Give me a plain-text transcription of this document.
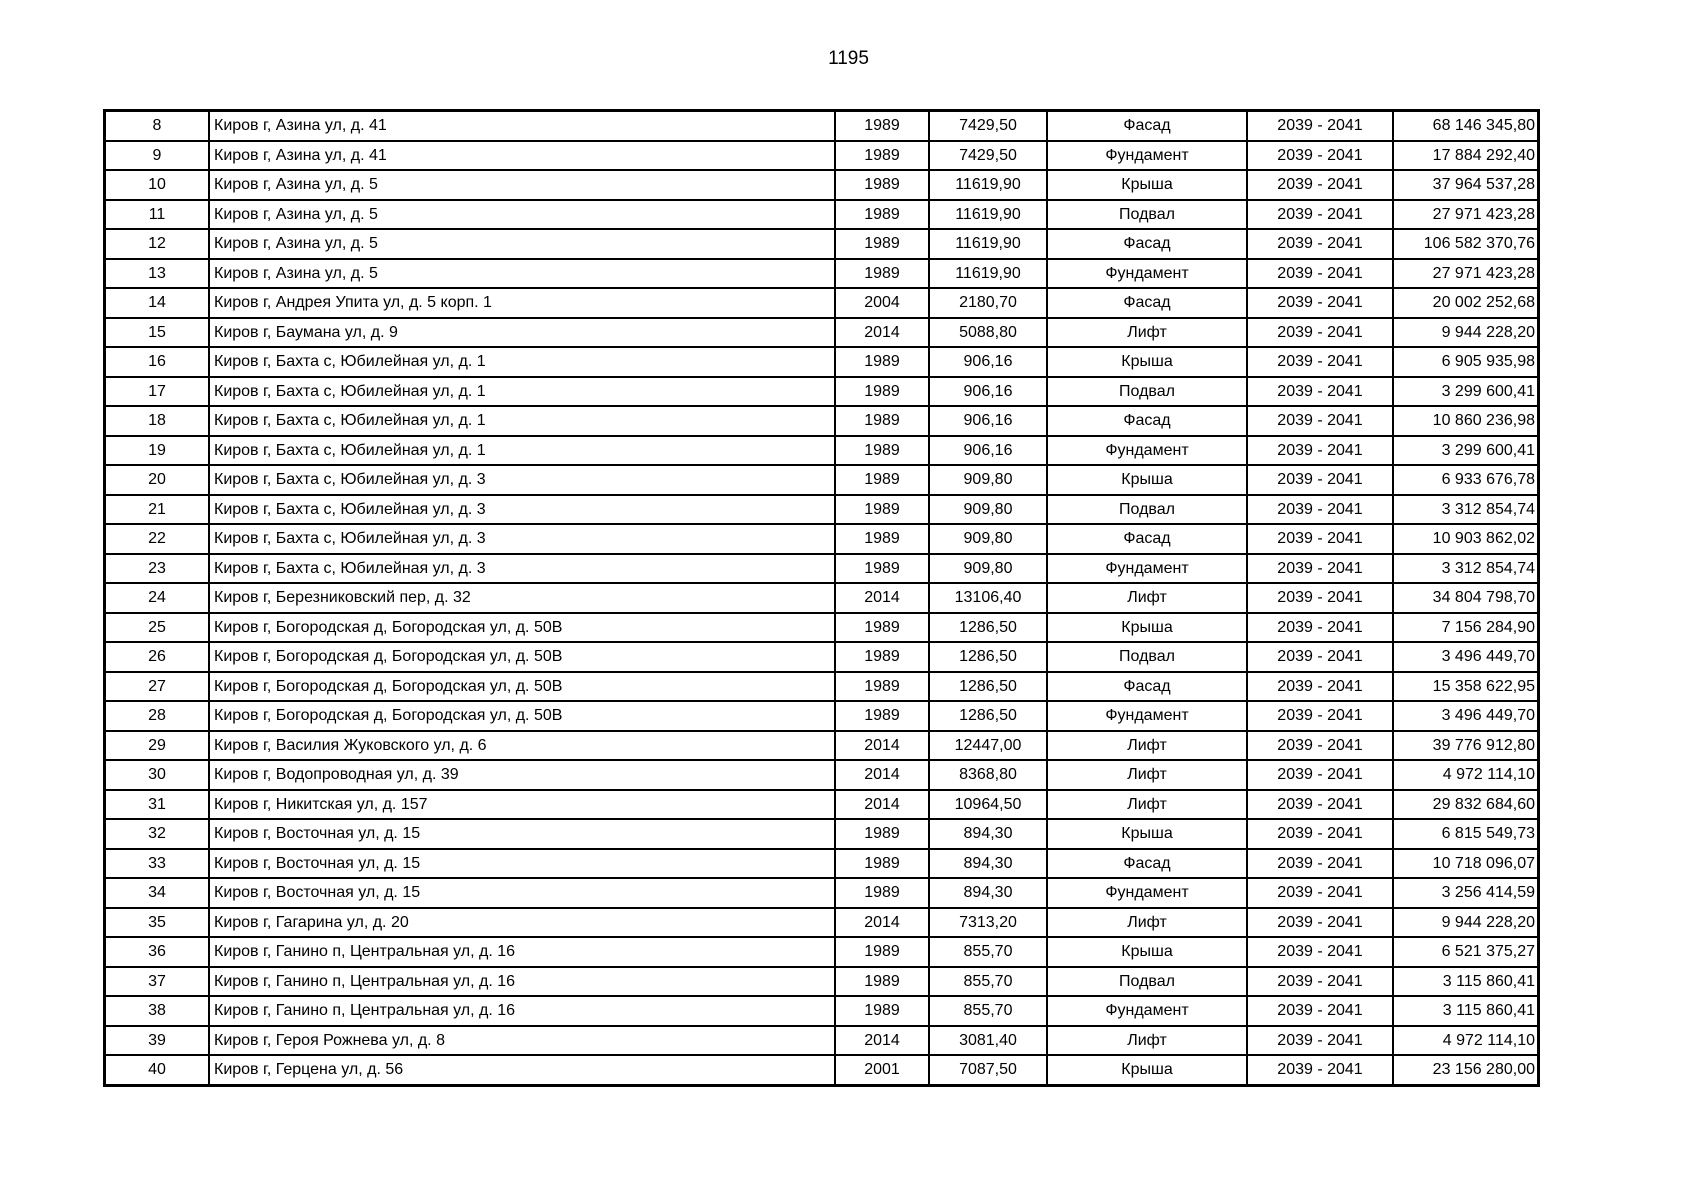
1195
8	Киров г, Азина ул, д. 41	1989	7429,50	Фасад	2039 - 2041	68 146 345,80
9	Киров г, Азина ул, д. 41	1989	7429,50	Фундамент	2039 - 2041	17 884 292,40
10	Киров г, Азина ул, д. 5	1989	11619,90	Крыша	2039 - 2041	37 964 537,28
11	Киров г, Азина ул, д. 5	1989	11619,90	Подвал	2039 - 2041	27 971 423,28
12	Киров г, Азина ул, д. 5	1989	11619,90	Фасад	2039 - 2041	106 582 370,76
13	Киров г, Азина ул, д. 5	1989	11619,90	Фундамент	2039 - 2041	27 971 423,28
14	Киров г, Андрея Упита ул, д. 5 корп. 1	2004	2180,70	Фасад	2039 - 2041	20 002 252,68
15	Киров г, Баумана ул, д. 9	2014	5088,80	Лифт	2039 - 2041	9 944 228,20
16	Киров г, Бахта с, Юбилейная ул, д. 1	1989	906,16	Крыша	2039 - 2041	6 905 935,98
17	Киров г, Бахта с, Юбилейная ул, д. 1	1989	906,16	Подвал	2039 - 2041	3 299 600,41
18	Киров г, Бахта с, Юбилейная ул, д. 1	1989	906,16	Фасад	2039 - 2041	10 860 236,98
19	Киров г, Бахта с, Юбилейная ул, д. 1	1989	906,16	Фундамент	2039 - 2041	3 299 600,41
20	Киров г, Бахта с, Юбилейная ул, д. 3	1989	909,80	Крыша	2039 - 2041	6 933 676,78
21	Киров г, Бахта с, Юбилейная ул, д. 3	1989	909,80	Подвал	2039 - 2041	3 312 854,74
22	Киров г, Бахта с, Юбилейная ул, д. 3	1989	909,80	Фасад	2039 - 2041	10 903 862,02
23	Киров г, Бахта с, Юбилейная ул, д. 3	1989	909,80	Фундамент	2039 - 2041	3 312 854,74
24	Киров г, Березниковский пер, д. 32	2014	13106,40	Лифт	2039 - 2041	34 804 798,70
25	Киров г, Богородская д, Богородская ул, д. 50В	1989	1286,50	Крыша	2039 - 2041	7 156 284,90
26	Киров г, Богородская д, Богородская ул, д. 50В	1989	1286,50	Подвал	2039 - 2041	3 496 449,70
27	Киров г, Богородская д, Богородская ул, д. 50В	1989	1286,50	Фасад	2039 - 2041	15 358 622,95
28	Киров г, Богородская д, Богородская ул, д. 50В	1989	1286,50	Фундамент	2039 - 2041	3 496 449,70
29	Киров г, Василия Жуковского ул, д. 6	2014	12447,00	Лифт	2039 - 2041	39 776 912,80
30	Киров г, Водопроводная ул, д. 39	2014	8368,80	Лифт	2039 - 2041	4 972 114,10
31	Киров г, Никитская ул, д. 157	2014	10964,50	Лифт	2039 - 2041	29 832 684,60
32	Киров г, Восточная ул, д. 15	1989	894,30	Крыша	2039 - 2041	6 815 549,73
33	Киров г, Восточная ул, д. 15	1989	894,30	Фасад	2039 - 2041	10 718 096,07
34	Киров г, Восточная ул, д. 15	1989	894,30	Фундамент	2039 - 2041	3 256 414,59
35	Киров г, Гагарина ул, д. 20	2014	7313,20	Лифт	2039 - 2041	9 944 228,20
36	Киров г, Ганино п, Центральная ул, д. 16	1989	855,70	Крыша	2039 - 2041	6 521 375,27
37	Киров г, Ганино п, Центральная ул, д. 16	1989	855,70	Подвал	2039 - 2041	3 115 860,41
38	Киров г, Ганино п, Центральная ул, д. 16	1989	855,70	Фундамент	2039 - 2041	3 115 860,41
39	Киров г, Героя Рожнева ул, д. 8	2014	3081,40	Лифт	2039 - 2041	4 972 114,10
40	Киров г, Герцена ул, д. 56	2001	7087,50	Крыша	2039 - 2041	23 156 280,00
